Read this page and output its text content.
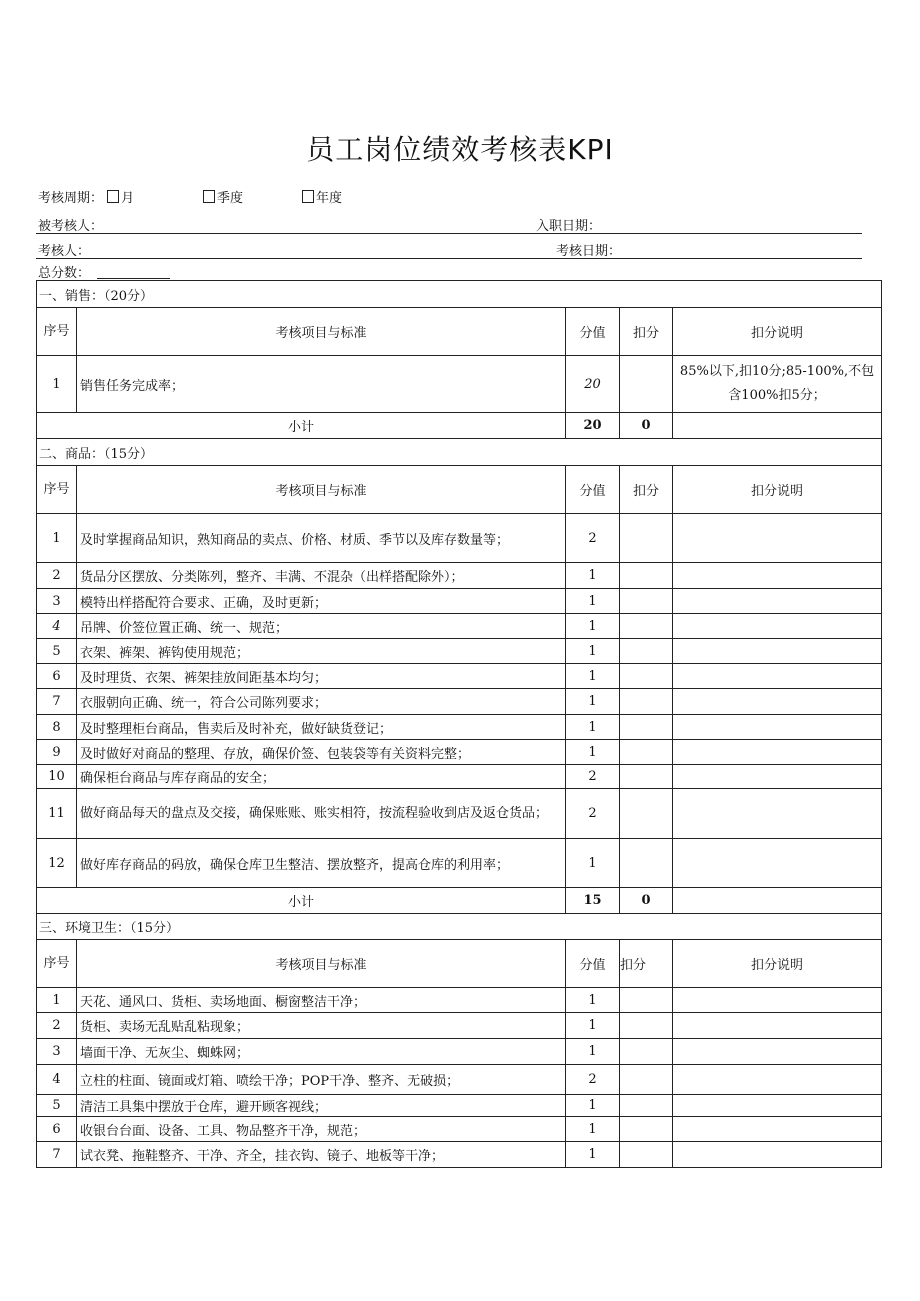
员工岗位绩效考核表KPI
考核周期： 月	季度	年度
被考核人：	入职日期：
考核人：	考核日期：
总分数：
一、销售：（20分）				
序号	考核项目与标准	分值	扣分	扣分说明
1	销售任务完成率；	20		85%以下,扣10分;85-100%,不包含100%扣5分；
小计		20	0	
二、商品：（15分）				
序号	考核项目与标准	分值	扣分	扣分说明
1	及时掌握商品知识，熟知商品的卖点、价格、材质、季节以及库存数量等；	2		
2	货品分区摆放、分类陈列，整齐、丰满、不混杂（出样搭配除外）；	1		
3	模特出样搭配符合要求、正确，及时更新；	1		
4	吊牌、价签位置正确、统一、规范；	1		
5	衣架、裤架、裤钩使用规范；	1		
6	及时理货、衣架、裤架挂放间距基本均匀；	1		
7	衣服朝向正确、统一，符合公司陈列要求；	1		
8	及时整理柜台商品，售卖后及时补充，做好缺货登记；	1		
9	及时做好对商品的整理、存放，确保价签、包装袋等有关资料完整；	1		
10	确保柜台商品与库存商品的安全；	2		
11	做好商品每天的盘点及交接，确保账账、账实相符，按流程验收到店及返仓货品；	2		
12	做好库存商品的码放，确保仓库卫生整洁、摆放整齐，提高仓库的利用率；	1		
小计		15	0	
三、环境卫生：（15分）				
序号	考核项目与标准	分值	扣分	扣分说明
1	天花、通风口、货柜、卖场地面、橱窗整洁干净；	1		
2	货柜、卖场无乱贴乱粘现象；	1		
3	墙面干净、无灰尘、蜘蛛网；	1		
4	立柱的柱面、镜面或灯箱、喷绘干净；POP干净、整齐、无破损；	2		
5	清洁工具集中摆放于仓库，避开顾客视线；	1		
6	收银台台面、设备、工具、物品整齐干净，规范；	1		
7	试衣凳、拖鞋整齐、干净、齐全，挂衣钩、镜子、地板等干净；	1		
